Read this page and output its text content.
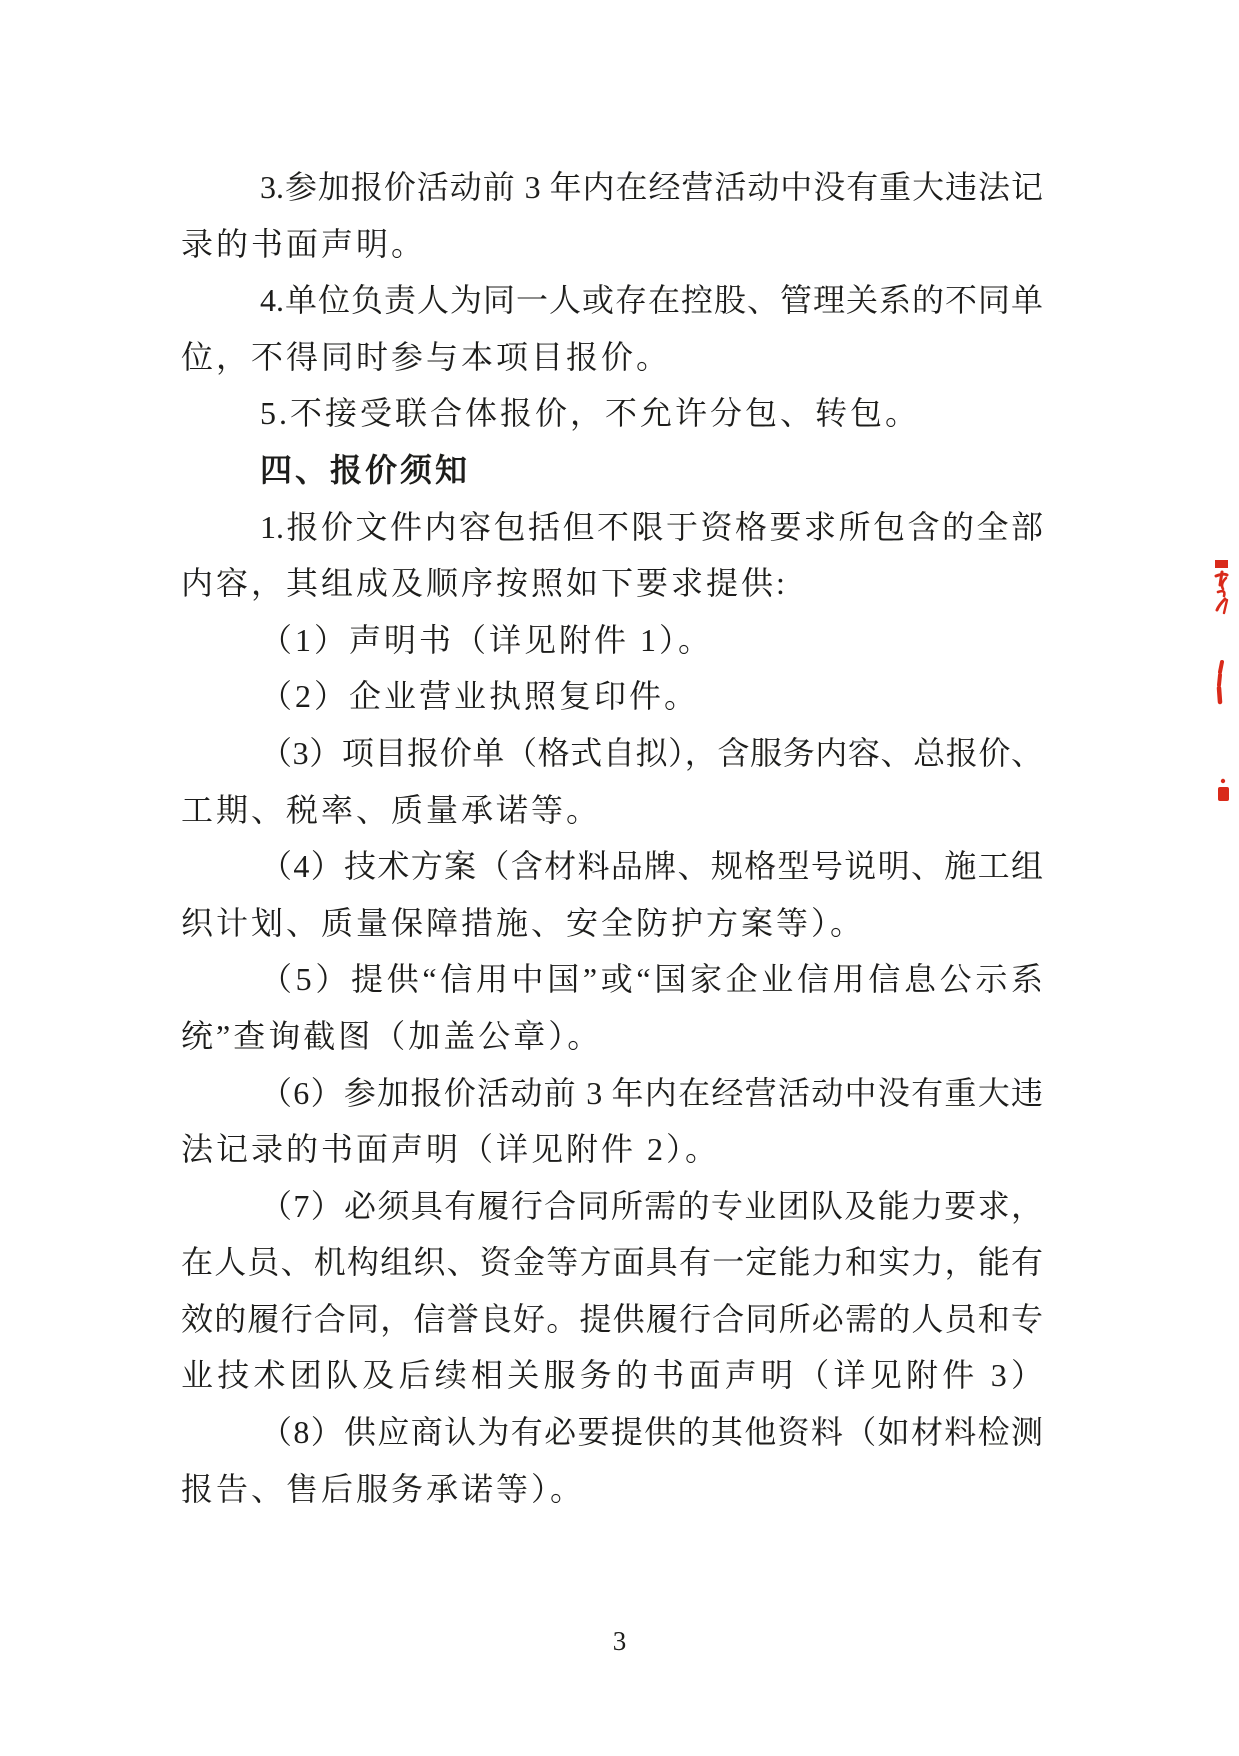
3.参加报价活动前 3 年内在经营活动中没有重大违法记
录的书面声明。
4.单位负责人为同一人或存在控股、管理关系的不同单
位，不得同时参与本项目报价。
5.不接受联合体报价，不允许分包、转包。
四、报价须知
1.报价文件内容包括但不限于资格要求所包含的全部
内容，其组成及顺序按照如下要求提供:
（1）声明书（详见附件 1）。
（2）企业营业执照复印件。
（3）项目报价单（格式自拟），含服务内容、总报价、
工期、税率、质量承诺等。
（4）技术方案（含材料品牌、规格型号说明、施工组
织计划、质量保障措施、安全防护方案等）。
（5）提供“信用中国”或“国家企业信用信息公示系
统”查询截图（加盖公章）。
（6）参加报价活动前 3 年内在经营活动中没有重大违
法记录的书面声明（详见附件 2）。
（7）必须具有履行合同所需的专业团队及能力要求，
在人员、机构组织、资金等方面具有一定能力和实力，能有
效的履行合同，信誉良好。提供履行合同所必需的人员和专
业技术团队及后续相关服务的书面声明（详见附件 3）
（8）供应商认为有必要提供的其他资料（如材料检测
报告、售后服务承诺等）。
3
